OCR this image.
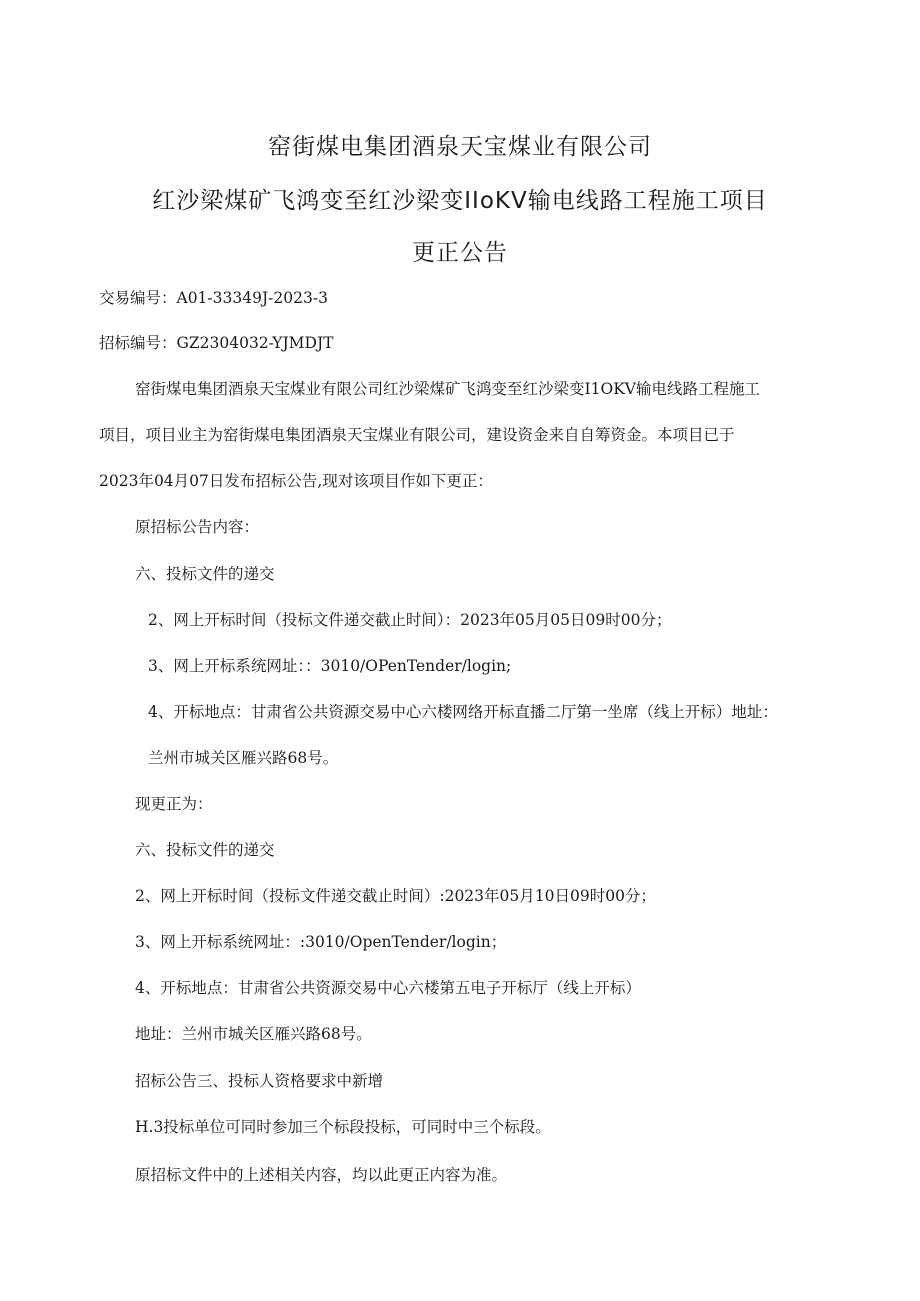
窑街煤电集团酒泉天宝煤业有限公司
红沙梁煤矿飞鸿变至红沙梁变IIoKV输电线路工程施工项目
更正公告
交易编号：A01-33349J-2023-3
招标编号：GZ2304032-YJMDJT
窑街煤电集团酒泉天宝煤业有限公司红沙梁煤矿飞鸿变至红沙梁变I1OKV输电线路工程施工
项目，项目业主为窑街煤电集团酒泉天宝煤业有限公司，建设资金来自自筹资金。本项目已于
2023年04月07日发布招标公告,现对该项目作如下更正：
原招标公告内容：
六、投标文件的递交
2、网上开标时间（投标文件递交截止时间）：2023年05月05日09时00分；
3、网上开标系统网址：：3010/OPenTender/login;
4、开标地点：甘肃省公共资源交易中心六楼网络开标直播二厅第一坐席（线上开标）地址：
兰州市城关区雁兴路68号。
现更正为：
六、投标文件的递交
2、网上开标时间（投标文件递交截止时间）:2023年05月10日09时00分；
3、网上开标系统网址：:3010/OpenTender/login；
4、开标地点：甘肃省公共资源交易中心六楼第五电子开标厅（线上开标）
地址：兰州市城关区雁兴路68号。
招标公告三、投标人资格要求中新增
H.3投标单位可同时参加三个标段投标，可同时中三个标段。
原招标文件中的上述相关内容，均以此更正内容为准。
